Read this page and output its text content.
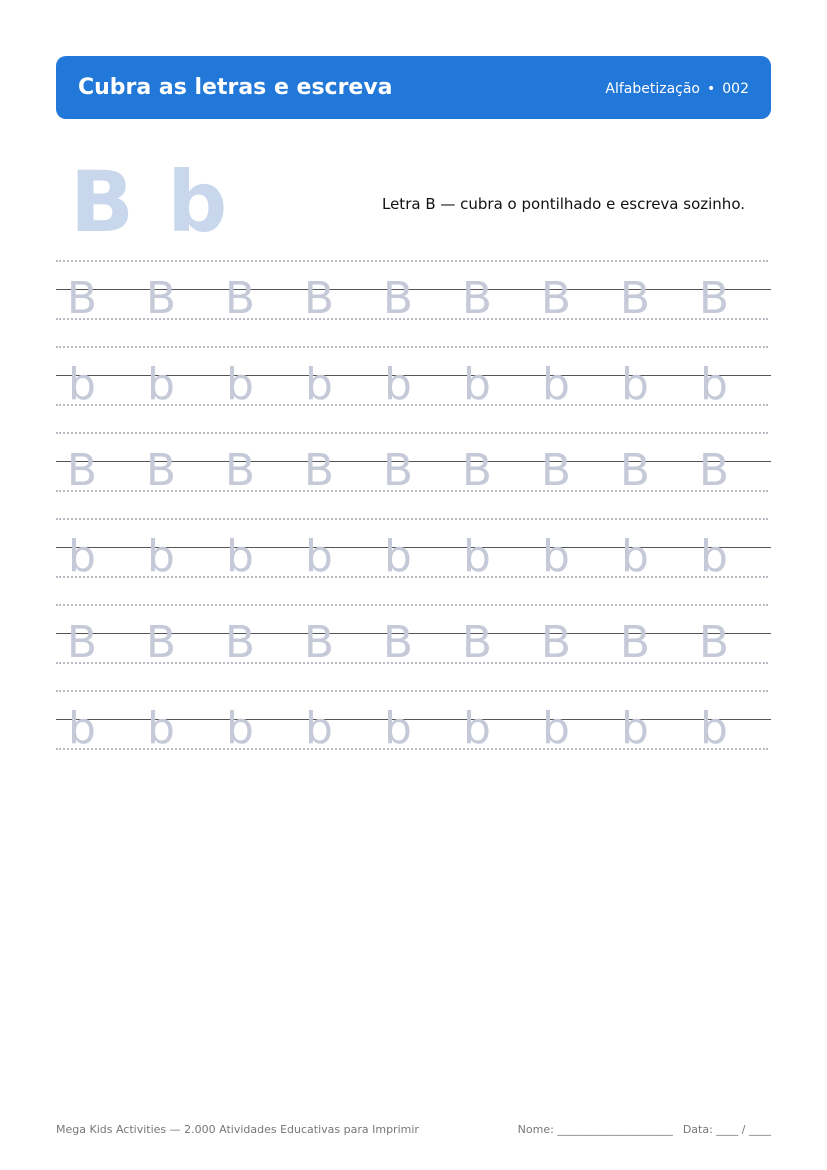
Cubra as letras e escreva	Alfabetização • 002
B b	Letra B — cubra o pontilhado e escreva sozinho.
B B B B B B B B B
b b b b b b b b b
B B B B B B B B B
b b b b b b b b b
B B B B B B B B B
b b b b b b b b b
Mega Kids Activities — 2.000 Atividades Educativas para Imprimir	Nome: _____________________ Data: ____ / ____
